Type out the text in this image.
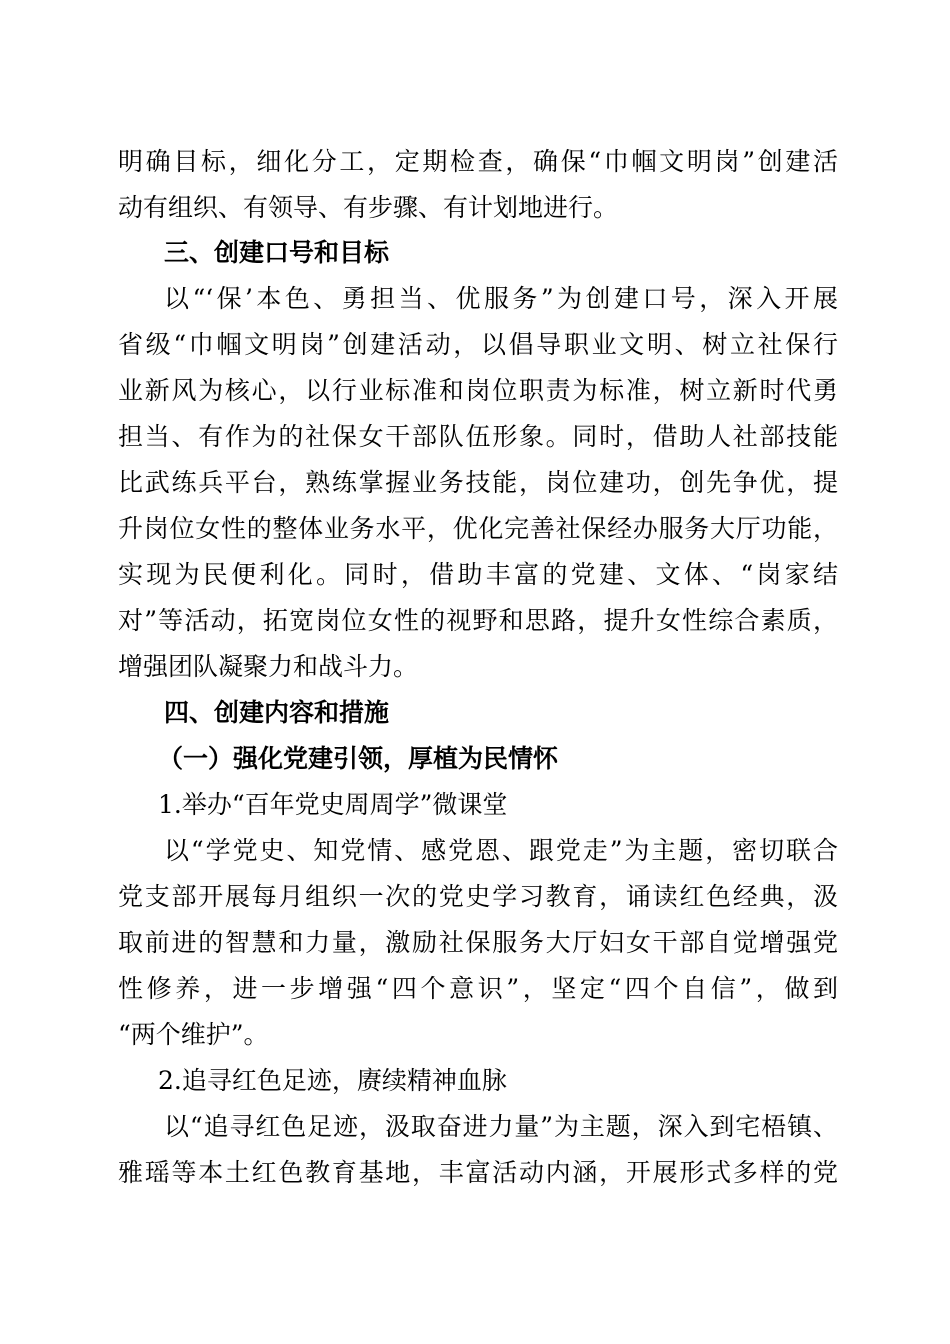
明确目标，细化分工，定期检查，确保“巾帼文明岗”创建活
动有组织、有领导、有步骤、有计划地进行。
三、创建口号和目标
以“‘保’本色、勇担当、优服务”为创建口号，深入开展
省级“巾帼文明岗”创建活动，以倡导职业文明、树立社保行
业新风为核心，以行业标准和岗位职责为标准，树立新时代勇
担当、有作为的社保女干部队伍形象。同时，借助人社部技能
比武练兵平台，熟练掌握业务技能，岗位建功，创先争优，提
升岗位女性的整体业务水平，优化完善社保经办服务大厅功能，
实现为民便利化。同时，借助丰富的党建、文体、“岗家结
对”等活动，拓宽岗位女性的视野和思路，提升女性综合素质，
增强团队凝聚力和战斗力。
四、创建内容和措施
（一）强化党建引领，厚植为民情怀
1.举办“百年党史周周学”微课堂
以“学党史、知党情、感党恩、跟党走”为主题，密切联合
党支部开展每月组织一次的党史学习教育，诵读红色经典，汲
取前进的智慧和力量，激励社保服务大厅妇女干部自觉增强党
性修养，进一步增强“四个意识”，坚定“四个自信”，做到
“两个维护”。
2.追寻红色足迹，赓续精神血脉
以“追寻红色足迹，汲取奋进力量”为主题，深入到宅梧镇、
雅瑶等本土红色教育基地，丰富活动内涵，开展形式多样的党
